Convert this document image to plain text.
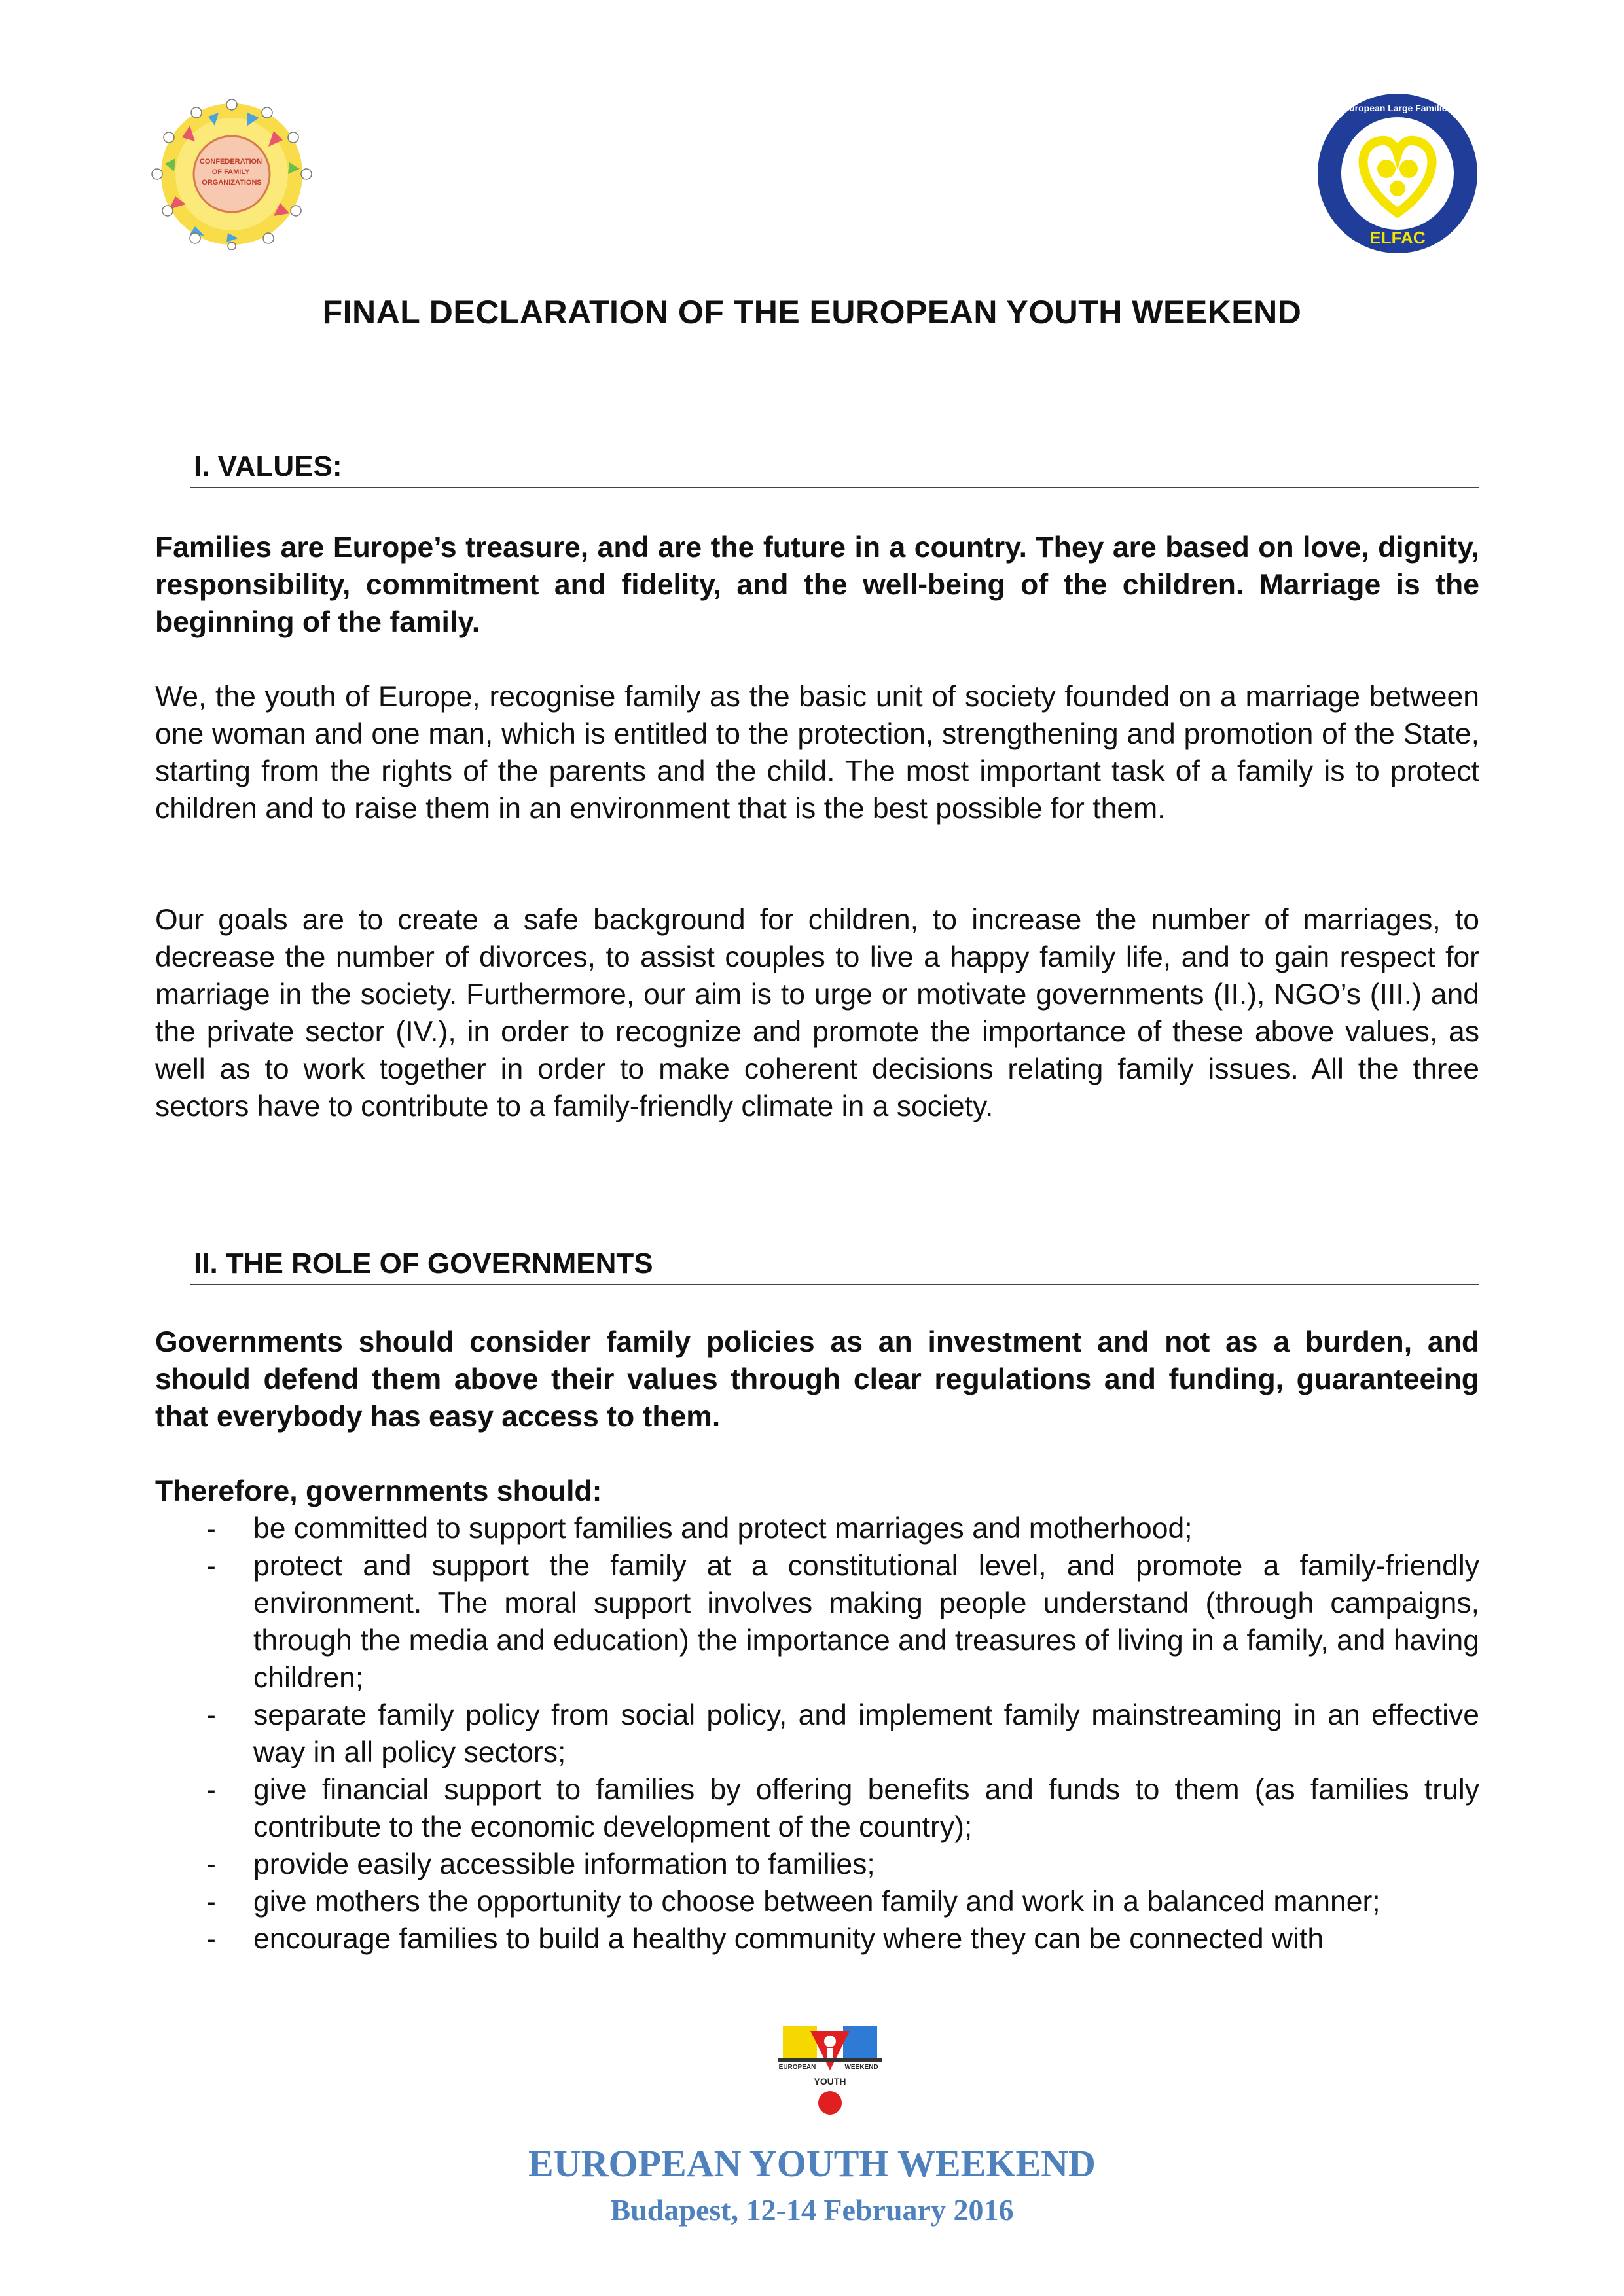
CONFEDERATION OF FAMILY ORGANIZATIONS
ELFAC
European Large Families
FINAL DECLARATION OF THE EUROPEAN YOUTH WEEKEND
I. VALUES:

Families are Europe’s treasure, and are the future in a country. They are based on love, dignity, responsibility, commitment and fidelity, and the well-being of the children. Marriage is the beginning of the family.

We, the youth of Europe, recognise family as the basic unit of society founded on a marriage between one woman and one man, which is entitled to the protection, strengthening and promotion of the State, starting from the rights of the parents and the child. The most important task of a family is to protect children and to raise them in an environment that is the best possible for them.

Our goals are to create a safe background for children, to increase the number of marriages, to decrease the number of divorces, to assist couples to live a happy family life, and to gain respect for marriage in the society. Furthermore, our aim is to urge or motivate governments (II.), NGO’s (III.) and the private sector (IV.), in order to recognize and promote the importance of these above values, as well as to work together in order to make coherent decisions relating family issues. All the three sectors have to contribute to a family-friendly climate in a society.

II. THE ROLE OF GOVERNMENTS

Governments should consider family policies as an investment and not as a burden, and should defend them above their values through clear regulations and funding, guaranteeing that everybody has easy access to them.

Therefore, governments should:

- be committed to support families and protect marriages and motherhood;
- protect and support the family at a constitutional level, and promote a family-friendly environment. The moral support involves making people understand (through campaigns, through the media and education) the importance and treasures of living in a family, and having children;
- separate family policy from social policy, and implement family mainstreaming in an effective way in all policy sectors;
- give financial support to families by offering benefits and funds to them (as families truly contribute to the economic development of the country);
- provide easily accessible information to families;
- give mothers the opportunity to choose between family and work in a balanced manner;
- encourage families to build a healthy community where they can be connected with
EUROPEAN	WEEKEND
YOUTH
EUROPEAN YOUTH WEEKEND
Budapest, 12-14 February 2016
